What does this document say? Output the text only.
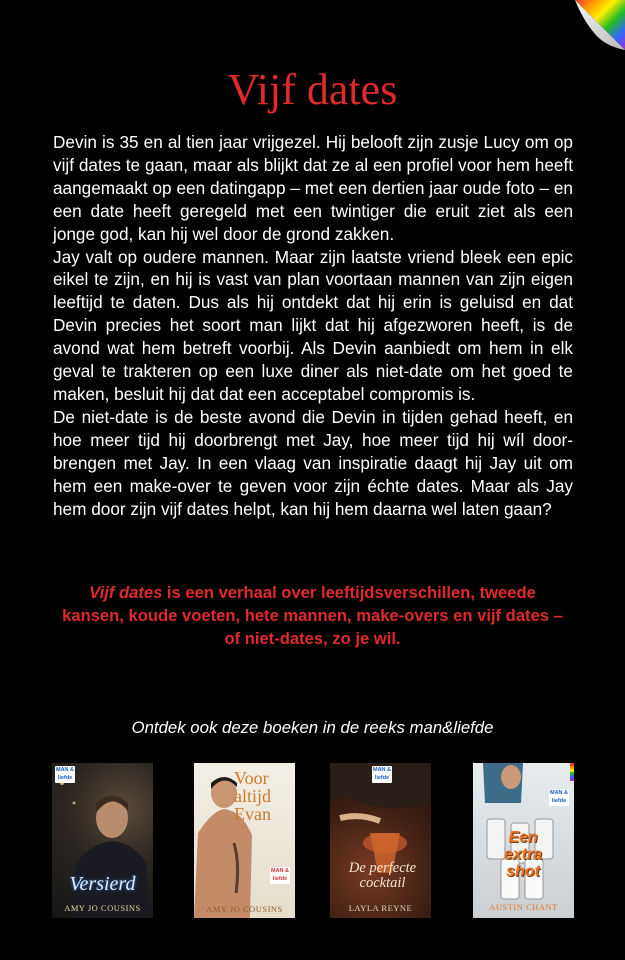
Vijf dates

Devin is 35 en al tien jaar vrijgezel. Hij belooft zijn zusje Lucy om op vijf dates te gaan, maar als blijkt dat ze al een profiel voor hem heeft aangemaakt op een datingapp – met een dertien jaar oude foto – en een date heeft geregeld met een twintiger die eruit ziet als een jonge god, kan hij wel door de grond zakken.

Jay valt op oudere mannen. Maar zijn laatste vriend bleek een epic eikel te zijn, en hij is vast van plan voortaan mannen van zijn eigen leeftijd te daten. Dus als hij ontdekt dat hij erin is geluisd en dat Devin precies het soort man lijkt dat hij afgezworen heeft, is de avond wat hem betreft voorbij. Als Devin aanbiedt om hem in elk geval te trakteren op een luxe diner als niet-date om het goed te maken, besluit hij dat dat een acceptabel compromis is.

De niet-date is de beste avond die Devin in tijden gehad heeft, en hoe meer tijd hij doorbrengt met Jay, hoe meer tijd hij wíl door-brengen met Jay. In een vlaag van inspiratie daagt hij Jay uit om hem een make-over te geven voor zijn échte dates. Maar als Jay hem door zijn vijf dates helpt, kan hij hem daarna wel laten gaan?

Vijf dates is een verhaal over leeftijdsverschillen, tweede kansen, koude voeten, hete mannen, make-overs en vijf dates – of niet-dates, zo je wil.
Ontdek ook deze boeken in de reeks man&liefde
MAN & liefde
Versierd
AMY JO COUSINS
Voor altijd Evan
MAN & liefde
AMY JO COUSINS
MAN & liefde
De perfecte cocktail
LAYLA REYNE
MAN & liefde
Een extra shot
AUSTIN CHANT
